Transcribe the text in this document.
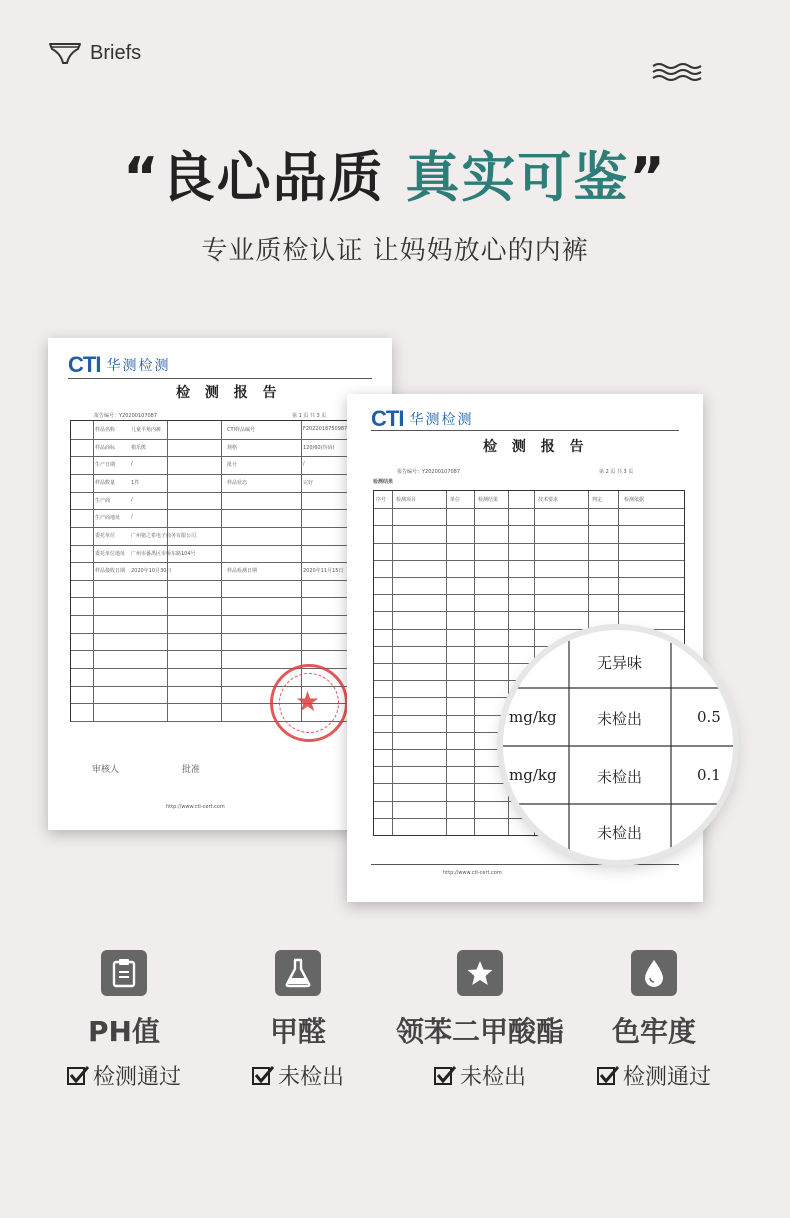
Briefs
“良心品质 真实可鉴”
专业质检认证 让妈妈放心的内裤
CTI 华测检测
检 测 报 告
报告编号：Y20200107087	第 1 页 共 3 页
样品名称	儿童平角内裤	CTI样品编号	F2022018750987
样品商标	猪乐熊	规格	120/60(均码)
生产日期	/	批号	/
样品数量	1件	样品状态	完好
生产商	/
生产商地址 /
委托单位	广州猪之希电子商务有限公司
委托单位地址 广州市番禺区市桥东路104号
样品接收日期 2020年10月30日	样品检测日期	2020年11月15日
审核人	批准
http://www.cti-cert.com
★
CTI 华测检测
检 测 报 告
报告编号：Y20200107087	第 2 页 共 3 页
检测结果
序号 检测项目	单位	检测结果	技术要求	判定	检测依据
http://www.cti-cert.com
无异味
mg/kg	未检出	0.5
mg/kg	未检出	0.1
未检出
PH值
检测通过
甲醛
未检出
领苯二甲酸酯
未检出
色牢度
检测通过
